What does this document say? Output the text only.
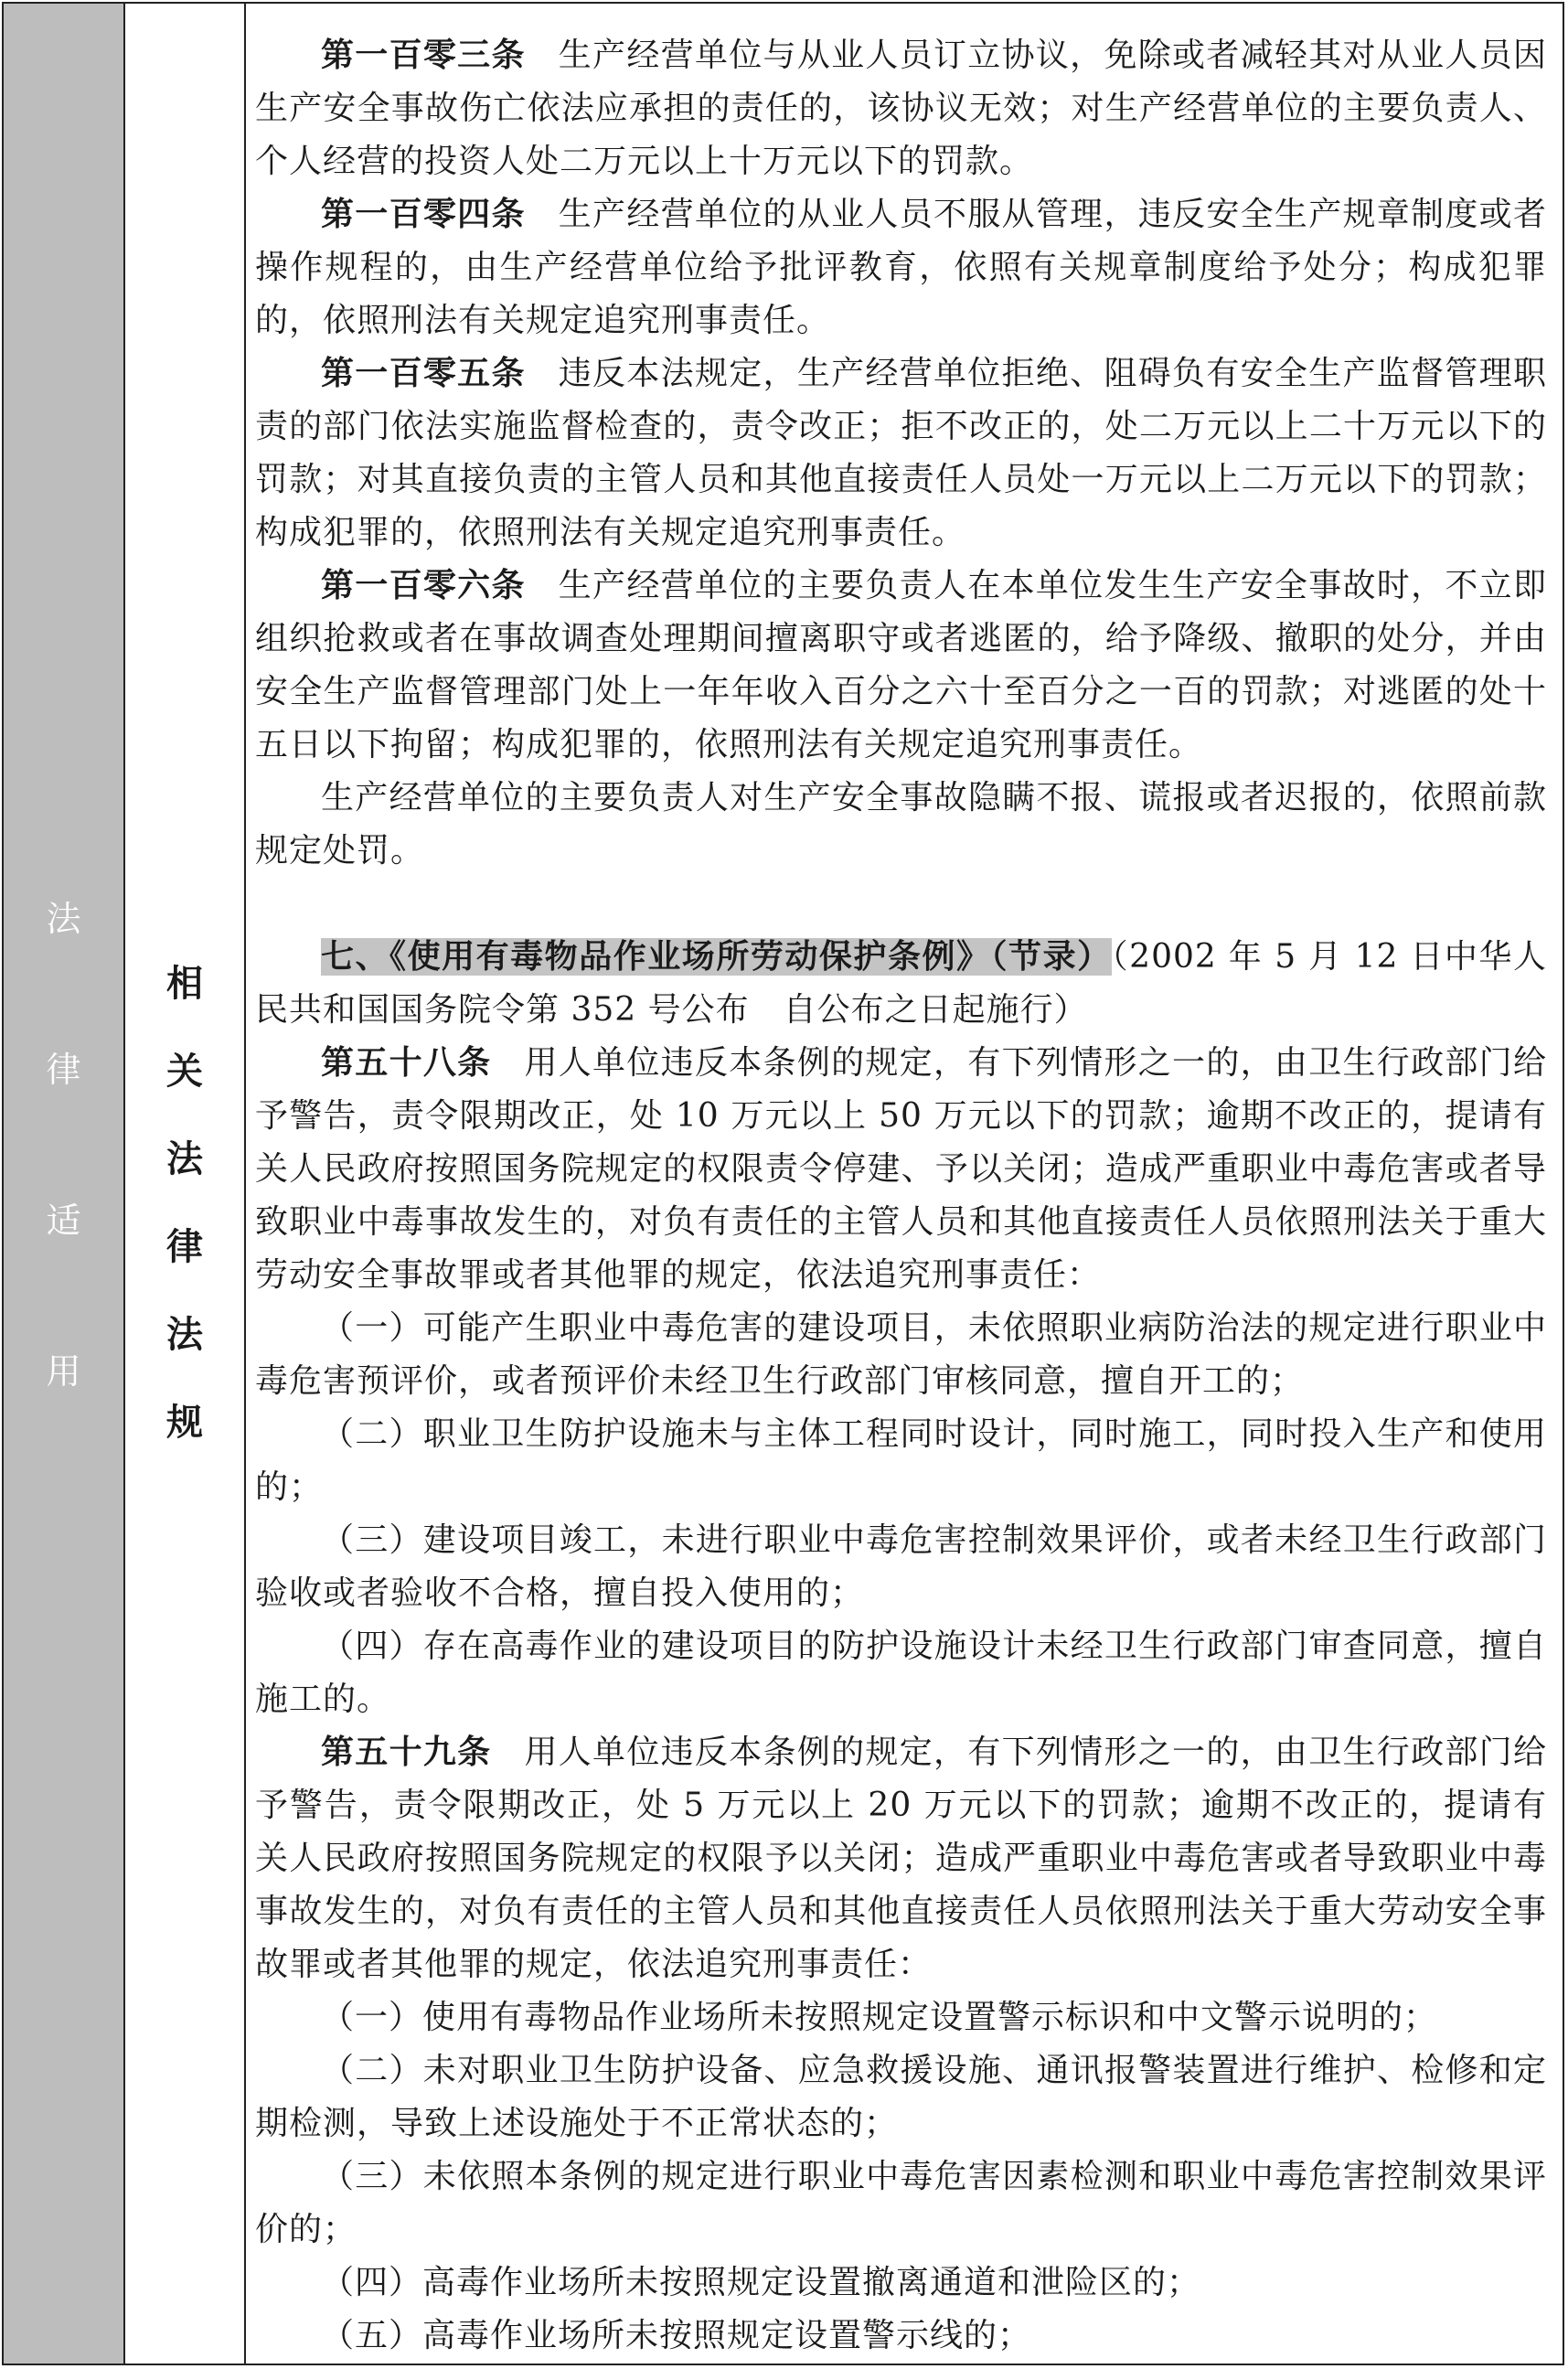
法
律
适
用
相
关
法
律
法
规

第一百零三条 生产经营单位与从业人员订立协议，免除或者减轻其对从业人员因生产安全事故伤亡依法应承担的责任的，该协议无效；对生产经营单位的主要负责人、个人经营的投资人处二万元以上十万元以下的罚款。

第一百零四条 生产经营单位的从业人员不服从管理，违反安全生产规章制度或者操作规程的，由生产经营单位给予批评教育，依照有关规章制度给予处分；构成犯罪的，依照刑法有关规定追究刑事责任。

第一百零五条 违反本法规定，生产经营单位拒绝、阻碍负有安全生产监督管理职责的部门依法实施监督检查的，责令改正；拒不改正的，处二万元以上二十万元以下的罚款；对其直接负责的主管人员和其他直接责任人员处一万元以上二万元以下的罚款；构成犯罪的，依照刑法有关规定追究刑事责任。

第一百零六条 生产经营单位的主要负责人在本单位发生生产安全事故时，不立即组织抢救或者在事故调查处理期间擅离职守或者逃匿的，给予降级、撤职的处分，并由安全生产监督管理部门处上一年年收入百分之六十至百分之一百的罚款；对逃匿的处十五日以下拘留；构成犯罪的，依照刑法有关规定追究刑事责任。

生产经营单位的主要负责人对生产安全事故隐瞒不报、谎报或者迟报的，依照前款规定处罚。

七、《使用有毒物品作业场所劳动保护条例》（节录）（2002 年 5 月 12 日中华人民共和国国务院令第 352 号公布　自公布之日起施行）

第五十八条 用人单位违反本条例的规定，有下列情形之一的，由卫生行政部门给予警告，责令限期改正，处 10 万元以上 50 万元以下的罚款；逾期不改正的，提请有关人民政府按照国务院规定的权限责令停建、予以关闭；造成严重职业中毒危害或者导致职业中毒事故发生的，对负有责任的主管人员和其他直接责任人员依照刑法关于重大劳动安全事故罪或者其他罪的规定，依法追究刑事责任：

（一）可能产生职业中毒危害的建设项目，未依照职业病防治法的规定进行职业中毒危害预评价，或者预评价未经卫生行政部门审核同意，擅自开工的；

（二）职业卫生防护设施未与主体工程同时设计，同时施工，同时投入生产和使用的；

（三）建设项目竣工，未进行职业中毒危害控制效果评价，或者未经卫生行政部门验收或者验收不合格，擅自投入使用的；

（四）存在高毒作业的建设项目的防护设施设计未经卫生行政部门审查同意，擅自施工的。

第五十九条 用人单位违反本条例的规定，有下列情形之一的，由卫生行政部门给予警告，责令限期改正，处 5 万元以上 20 万元以下的罚款；逾期不改正的，提请有关人民政府按照国务院规定的权限予以关闭；造成严重职业中毒危害或者导致职业中毒事故发生的，对负有责任的主管人员和其他直接责任人员依照刑法关于重大劳动安全事故罪或者其他罪的规定，依法追究刑事责任：

（一）使用有毒物品作业场所未按照规定设置警示标识和中文警示说明的；

（二）未对职业卫生防护设备、应急救援设施、通讯报警装置进行维护、检修和定期检测，导致上述设施处于不正常状态的；

（三）未依照本条例的规定进行职业中毒危害因素检测和职业中毒危害控制效果评价的；

（四）高毒作业场所未按照规定设置撤离通道和泄险区的；

（五）高毒作业场所未按照规定设置警示线的；
